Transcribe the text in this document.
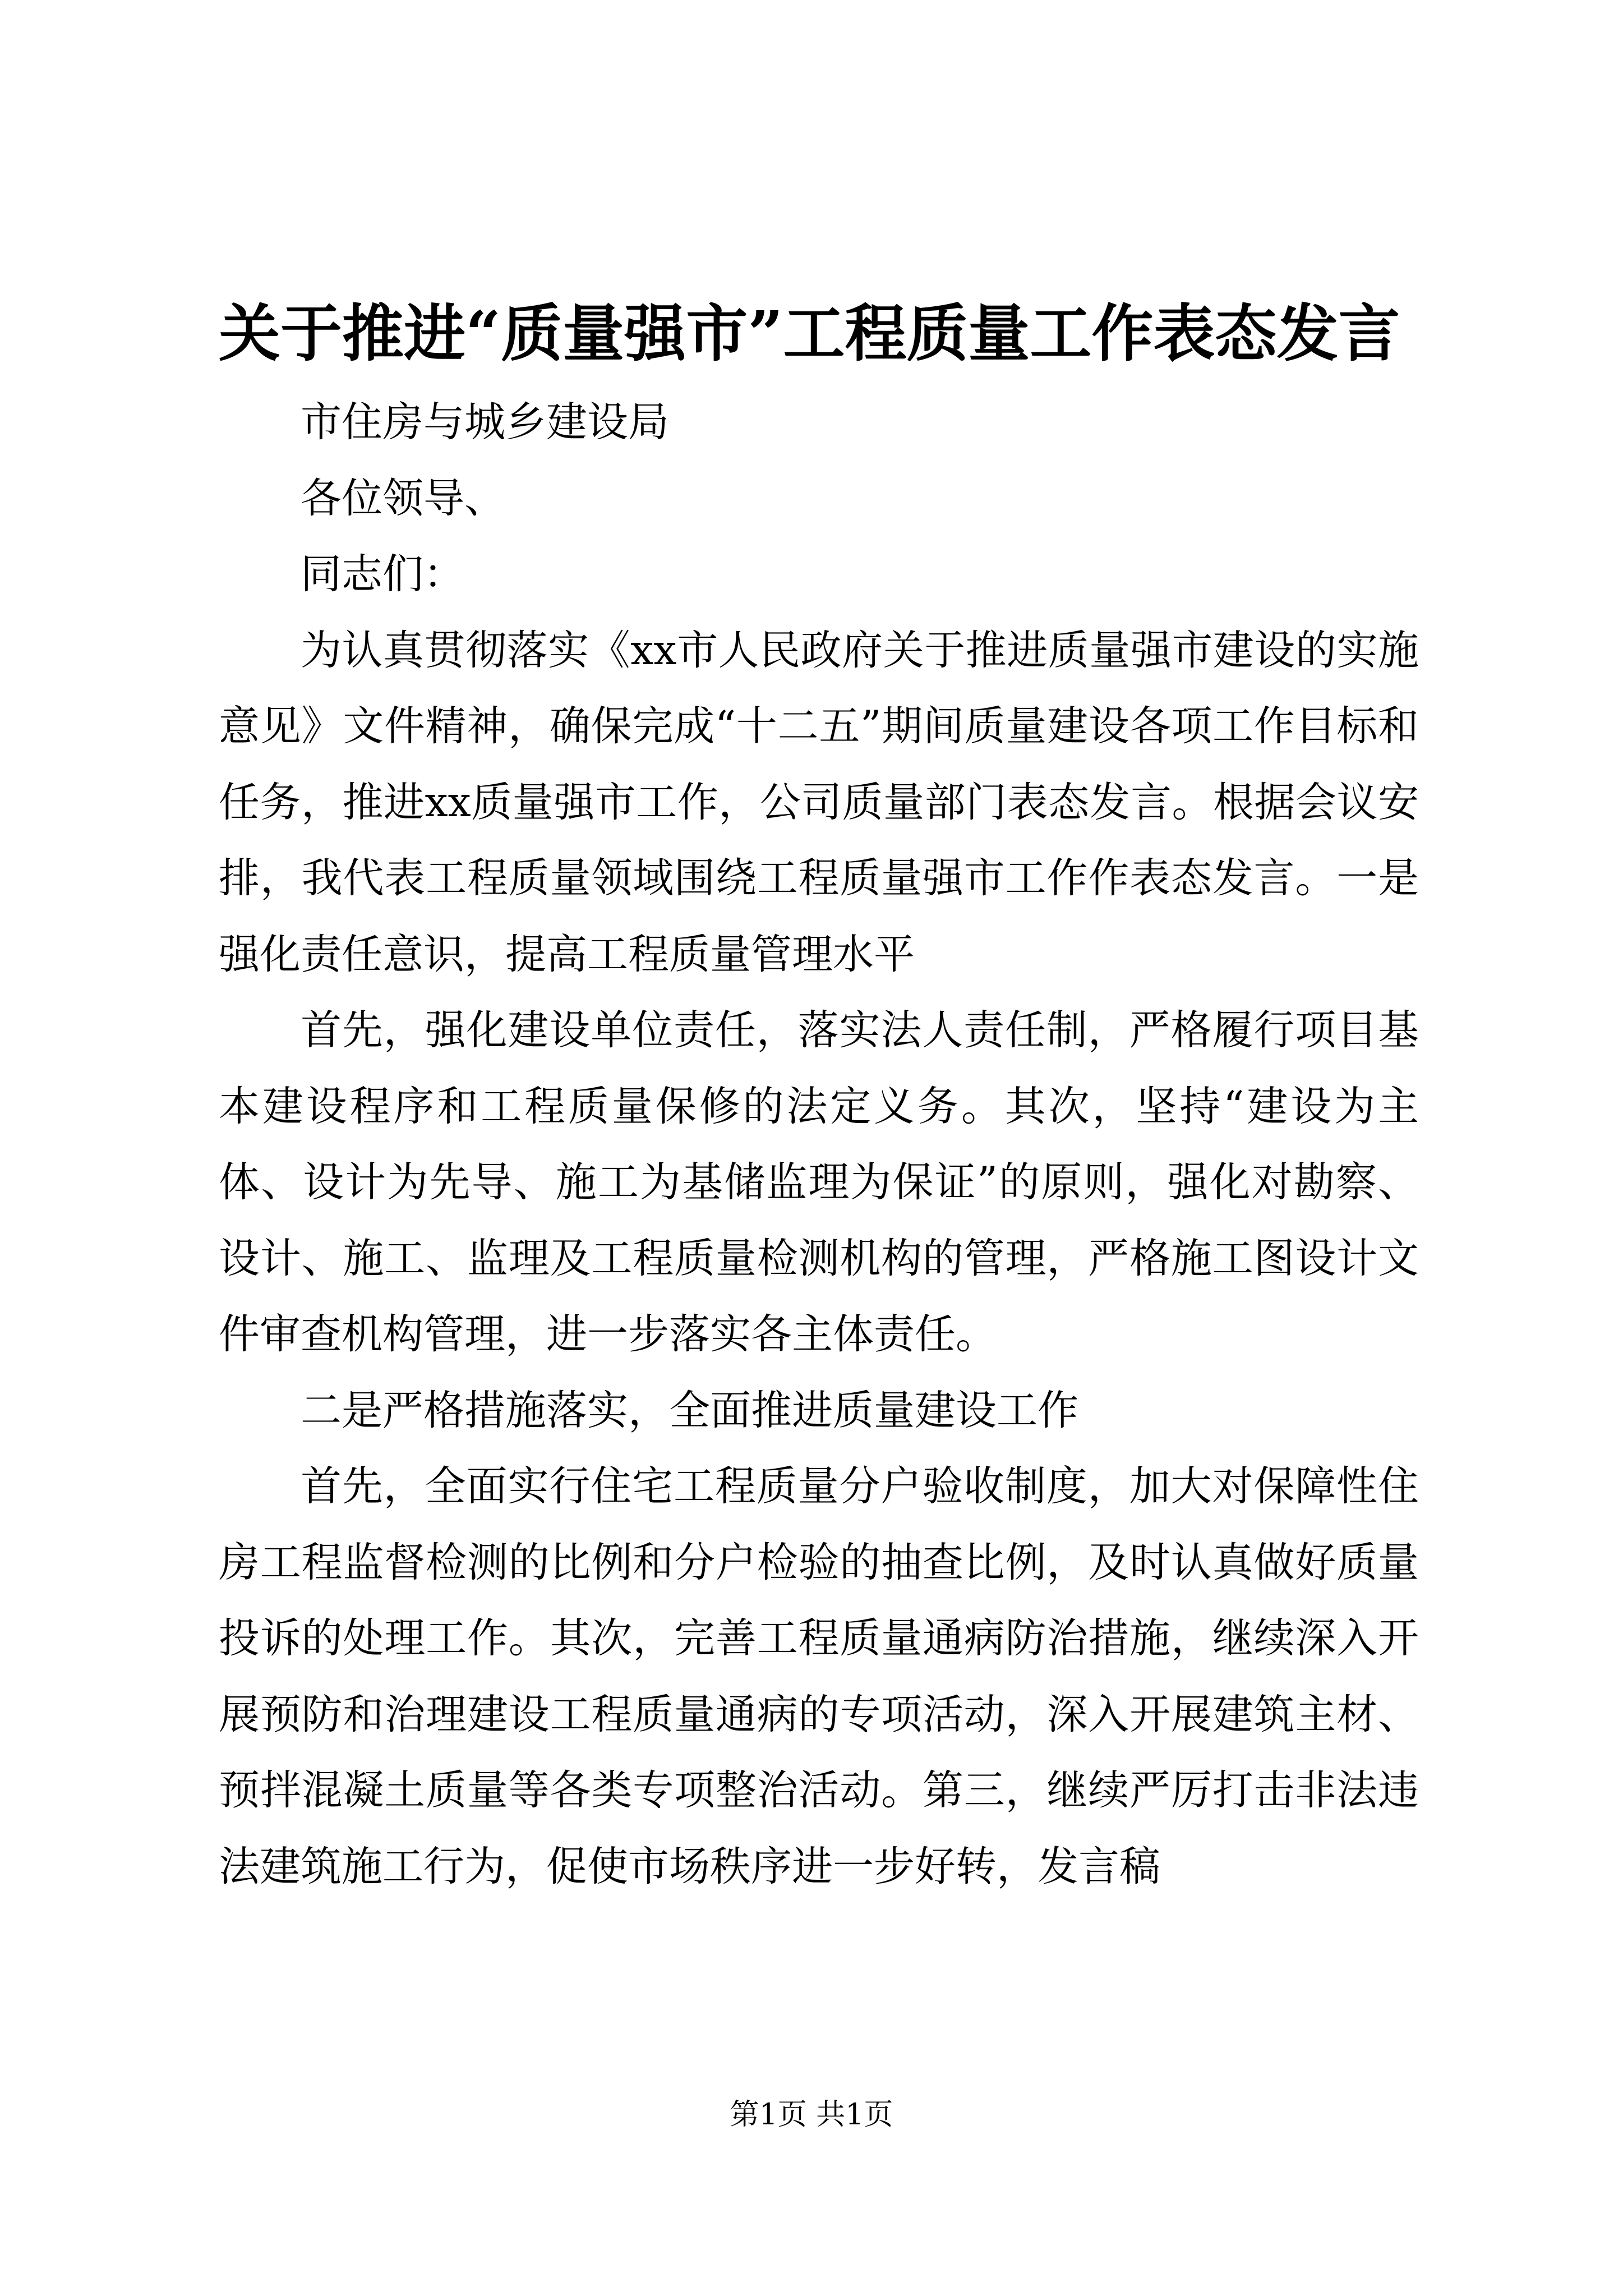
关于推进“质量强市”工程质量工作表态发言

市住房与城乡建设局

各位领导、

同志们：

为认真贯彻落实《xx市人民政府关于推进质量强市建设的实施意见》文件精神，确保完成“十二五”期间质量建设各项工作目标和任务，推进xx质量强市工作，公司质量部门表态发言。根据会议安排，我代表工程质量领域围绕工程质量强市工作作表态发言。一是强化责任意识，提高工程质量管理水平

首先，强化建设单位责任，落实法人责任制，严格履行项目基本建设程序和工程质量保修的法定义务。其次，坚持“建设为主体、设计为先导、施工为基储监理为保证”的原则，强化对勘察、设计、施工、监理及工程质量检测机构的管理，严格施工图设计文件审查机构管理，进一步落实各主体责任。

二是严格措施落实，全面推进质量建设工作

首先，全面实行住宅工程质量分户验收制度，加大对保障性住房工程监督检测的比例和分户检验的抽查比例，及时认真做好质量投诉的处理工作。其次，完善工程质量通病防治措施，继续深入开展预防和治理建设工程质量通病的专项活动，深入开展建筑主材、预拌混凝土质量等各类专项整治活动。第三，继续严厉打击非法违法建筑施工行为，促使市场秩序进一步好转，发言稿

第1页 共1页
